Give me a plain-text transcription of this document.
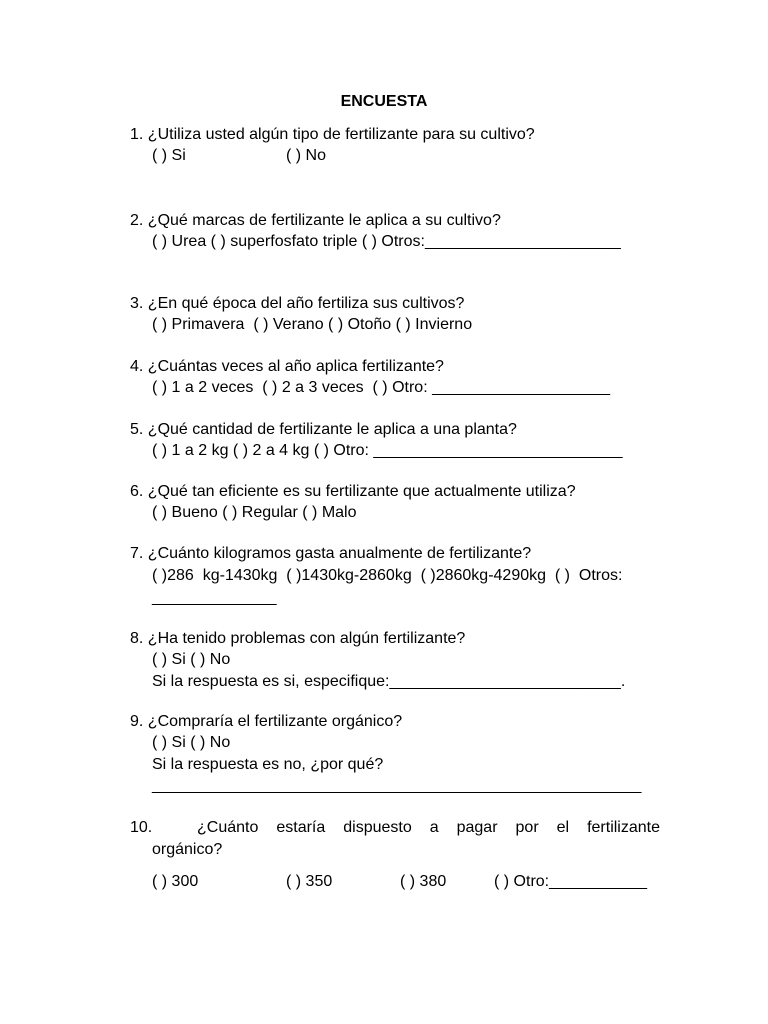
ENCUESTA
1. ¿Utiliza usted algún tipo de fertilizante para su cultivo?
( ) Si	( ) No
2. ¿Qué marcas de fertilizante le aplica a su cultivo?
( ) Urea ( ) superfosfato triple ( ) Otros:______________________
3. ¿En qué época del año fertiliza sus cultivos?
( ) Primavera  ( ) Verano ( ) Otoño ( ) Invierno
4. ¿Cuántas veces al año aplica fertilizante?
( ) 1 a 2 veces  ( ) 2 a 3 veces  ( ) Otro: ____________________
5. ¿Qué cantidad de fertilizante le aplica a una planta?
( ) 1 a 2 kg ( ) 2 a 4 kg ( ) Otro: ____________________________
6. ¿Qué tan eficiente es su fertilizante que actualmente utiliza?
( ) Bueno ( ) Regular ( ) Malo
7. ¿Cuánto kilogramos gasta anualmente de fertilizante?
( )286  kg-1430kg  ( )1430kg-2860kg  ( )2860kg-4290kg  ( )  Otros:
______________
8. ¿Ha tenido problemas con algún fertilizante?
( ) Si ( ) No
Si la respuesta es si, especifique:__________________________.
9. ¿Compraría el fertilizante orgánico?
( ) Si ( ) No
Si la respuesta es no, ¿por qué?
_______________________________________________________
10.	¿Cuánto estaría dispuesto a pagar por el fertilizante
orgánico?
( ) 300	( ) 350	( ) 380	( ) Otro:___________
